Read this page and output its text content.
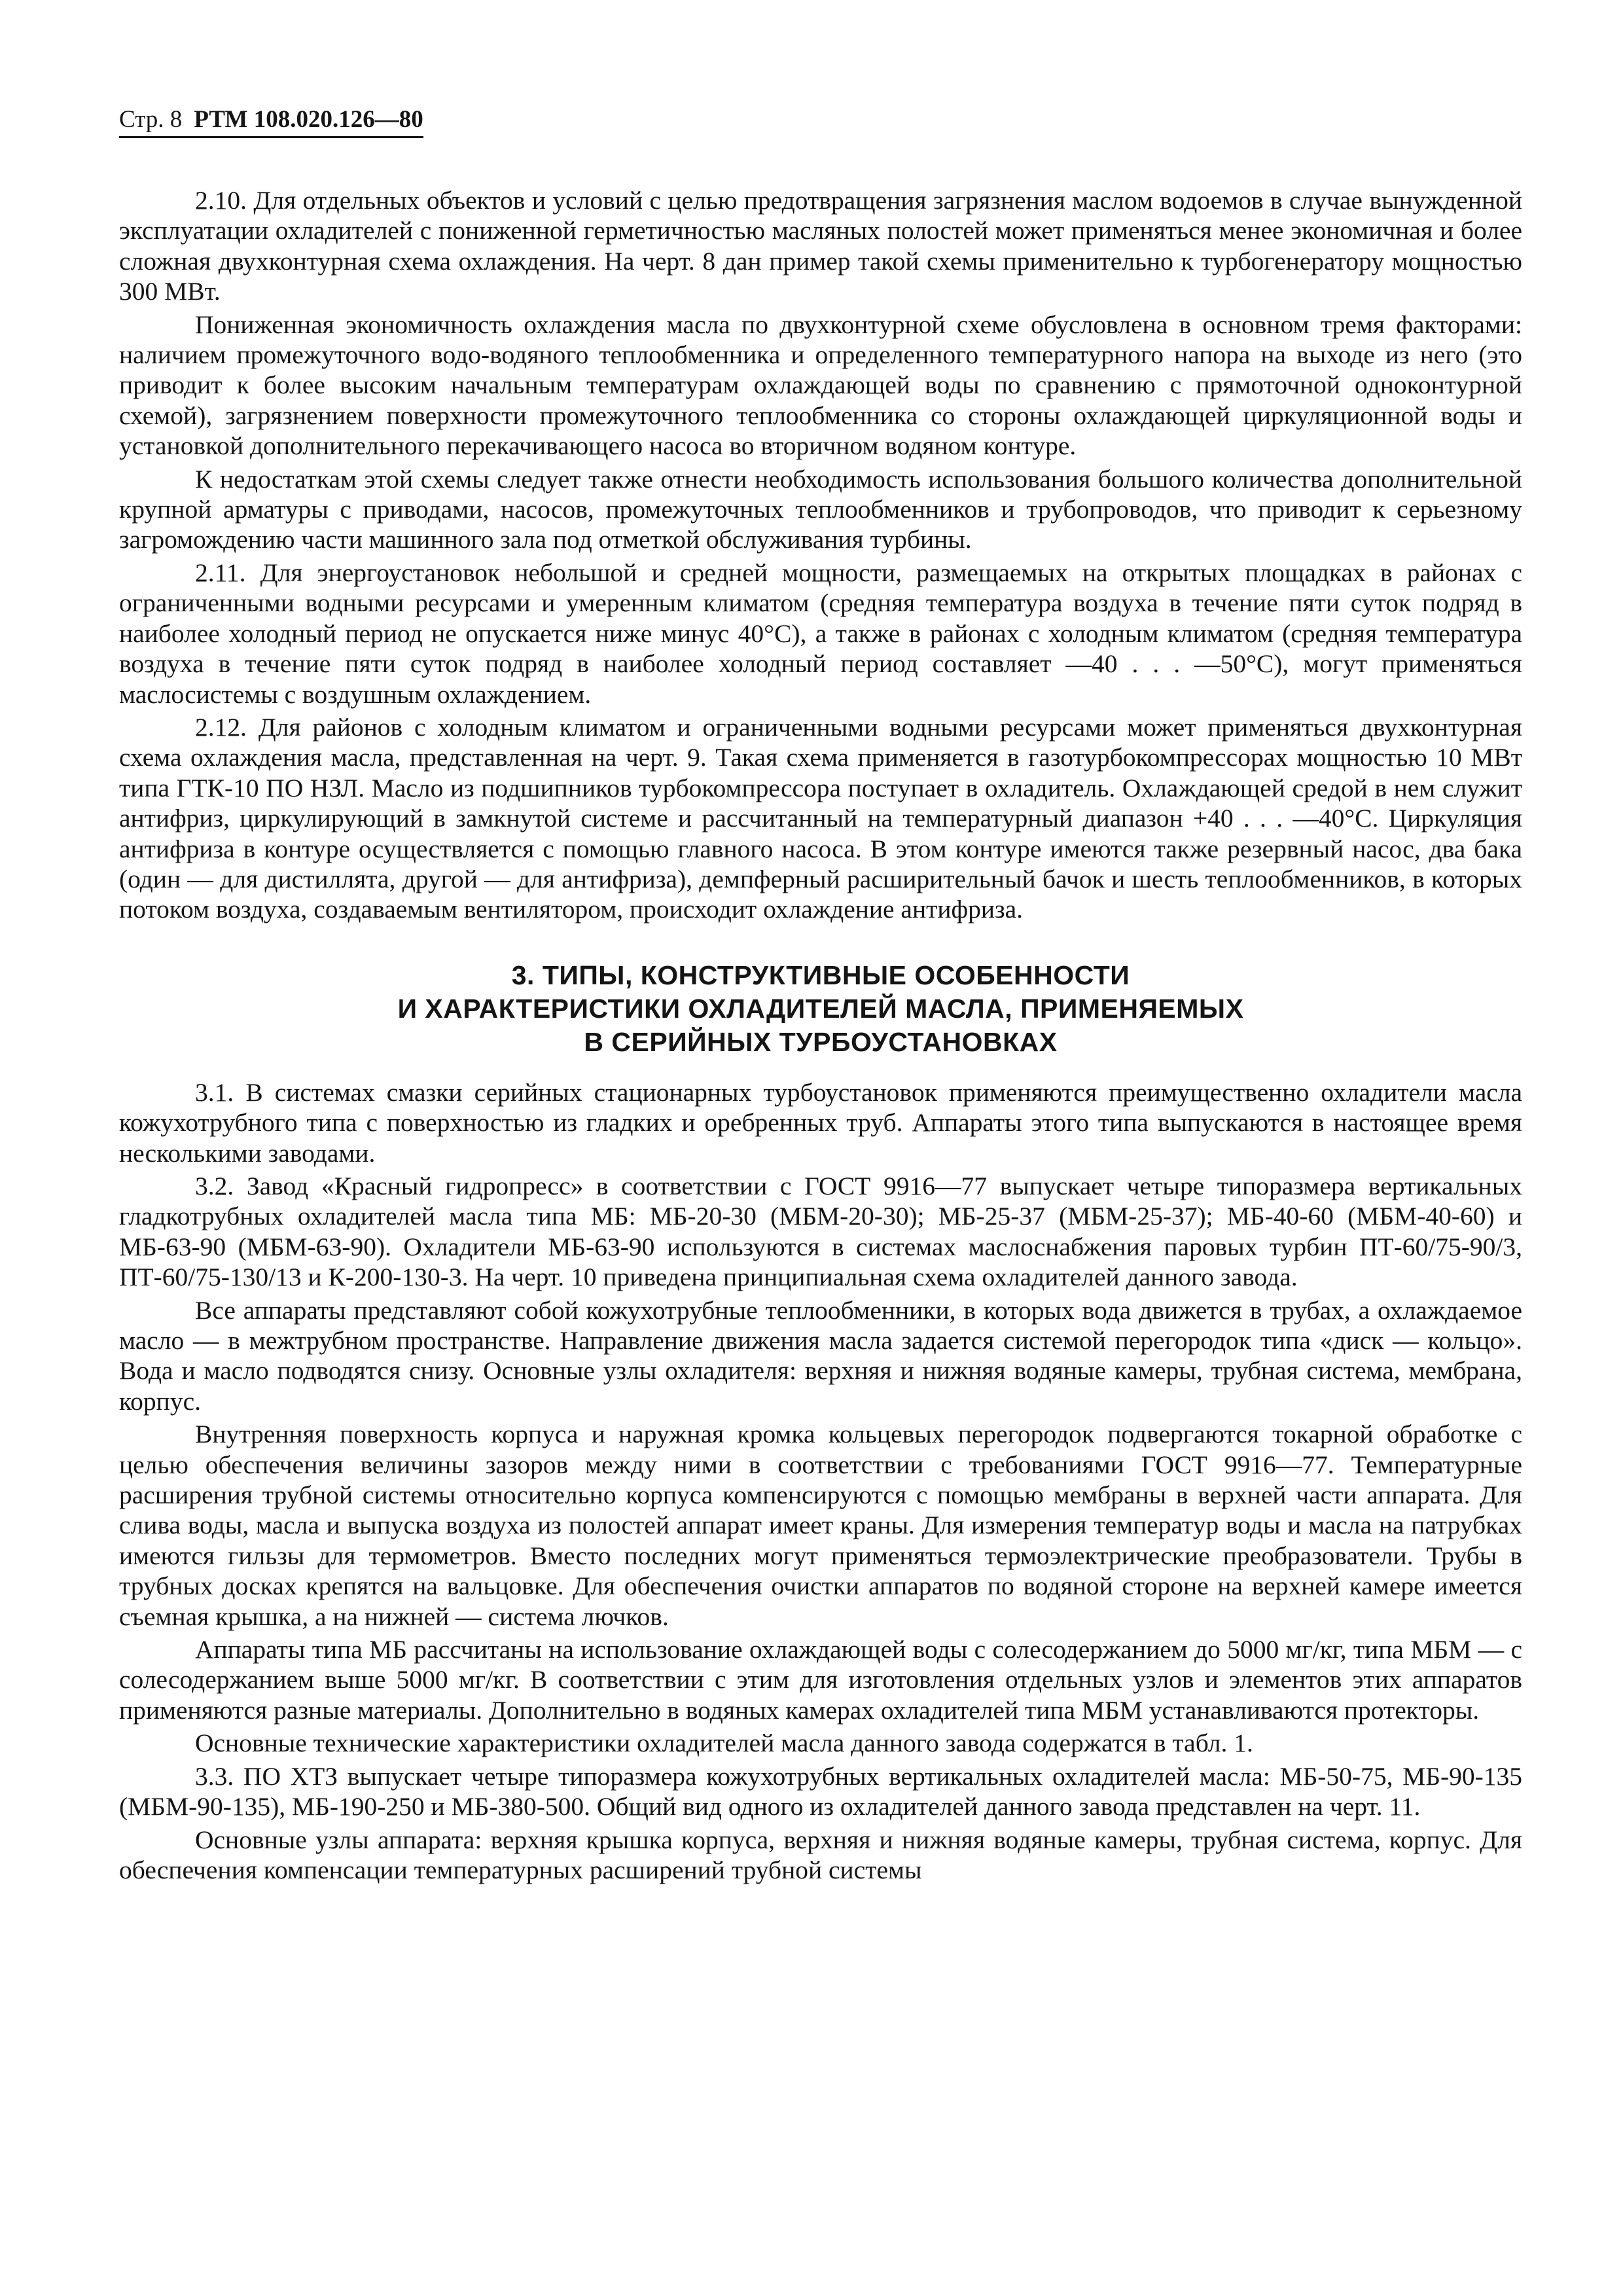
Стр. 8 РТМ 108.020.126—80

2.10. Для отдельных объектов и условий с целью предотвращения загрязнения маслом водоемов в случае вынужденной эксплуатации охладителей с пониженной герметичностью масляных полостей может применяться менее экономичная и более сложная двухконтурная схема охлаждения. На черт. 8 дан пример такой схемы применительно к турбогенератору мощностью 300 МВт.

Пониженная экономичность охлаждения масла по двухконтурной схеме обусловлена в основном тремя факторами: наличием промежуточного водо-водяного теплообменника и определенного температурного напора на выходе из него (это приводит к более высоким начальным температурам охлаждающей воды по сравнению с прямоточной одноконтурной схемой), загрязнением поверхности промежуточного теплообменника со стороны охлаждающей циркуляционной воды и установкой дополнительного перекачивающего насоса во вторичном водяном контуре.

К недостаткам этой схемы следует также отнести необходимость использования большого количества дополнительной крупной арматуры с приводами, насосов, промежуточных теплообменников и трубопроводов, что приводит к серьезному загромождению части машинного зала под отметкой обслуживания турбины.

2.11. Для энергоустановок небольшой и средней мощности, размещаемых на открытых площадках в районах с ограниченными водными ресурсами и умеренным климатом (средняя температура воздуха в течение пяти суток подряд в наиболее холодный период не опускается ниже минус 40°С), а также в районах с холодным климатом (средняя температура воздуха в течение пяти суток подряд в наиболее холодный период составляет —40 . . . —50°С), могут применяться маслосистемы с воздушным охлаждением.

2.12. Для районов с холодным климатом и ограниченными водными ресурсами может применяться двухконтурная схема охлаждения масла, представленная на черт. 9. Такая схема применяется в газотурбокомпрессорах мощностью 10 МВт типа ГТК-10 ПО НЗЛ. Масло из подшипников турбокомпрессора поступает в охладитель. Охлаждающей средой в нем служит антифриз, циркулирующий в замкнутой системе и рассчитанный на температурный диапазон +40 . . . —40°С. Циркуляция антифриза в контуре осуществляется с помощью главного насоса. В этом контуре имеются также резервный насос, два бака (один — для дистиллята, другой — для антифриза), демпферный расширительный бачок и шесть теплообменников, в которых потоком воздуха, создаваемым вентилятором, происходит охлаждение антифриза.

3. ТИПЫ, КОНСТРУКТИВНЫЕ ОСОБЕННОСТИ
И ХАРАКТЕРИСТИКИ ОХЛАДИТЕЛЕЙ МАСЛА, ПРИМЕНЯЕМЫХ
В СЕРИЙНЫХ ТУРБОУСТАНОВКАХ

3.1. В системах смазки серийных стационарных турбоустановок применяются преимущественно охладители масла кожухотрубного типа с поверхностью из гладких и оребренных труб. Аппараты этого типа выпускаются в настоящее время несколькими заводами.

3.2. Завод «Красный гидропресс» в соответствии с ГОСТ 9916—77 выпускает четыре типоразмера вертикальных гладкотрубных охладителей масла типа МБ: МБ-20-30 (МБМ-20-30); МБ-25-37 (МБМ-25-37); МБ-40-60 (МБМ-40-60) и МБ-63-90 (МБМ-63-90). Охладители МБ-63-90 используются в системах маслоснабжения паровых турбин ПТ-60/75-90/3, ПТ-60/75-130/13 и К-200-130-3. На черт. 10 приведена принципиальная схема охладителей данного завода.

Все аппараты представляют собой кожухотрубные теплообменники, в которых вода движется в трубах, а охлаждаемое масло — в межтрубном пространстве. Направление движения масла задается системой перегородок типа «диск — кольцо». Вода и масло подводятся снизу. Основные узлы охладителя: верхняя и нижняя водяные камеры, трубная система, мембрана, корпус.

Внутренняя поверхность корпуса и наружная кромка кольцевых перегородок подвергаются токарной обработке с целью обеспечения величины зазоров между ними в соответствии с требованиями ГОСТ 9916—77. Температурные расширения трубной системы относительно корпуса компенсируются с помощью мембраны в верхней части аппарата. Для слива воды, масла и выпуска воздуха из полостей аппарат имеет краны. Для измерения температур воды и масла на патрубках имеются гильзы для термометров. Вместо последних могут применяться термоэлектрические преобразователи. Трубы в трубных досках крепятся на вальцовке. Для обеспечения очистки аппаратов по водяной стороне на верхней камере имеется съемная крышка, а на нижней — система лючков.

Аппараты типа МБ рассчитаны на использование охлаждающей воды с солесодержанием до 5000 мг/кг, типа МБМ — с солесодержанием выше 5000 мг/кг. В соответствии с этим для изготовления отдельных узлов и элементов этих аппаратов применяются разные материалы. Дополнительно в водяных камерах охладителей типа МБМ устанавливаются протекторы.

Основные технические характеристики охладителей масла данного завода содержатся в табл. 1.

3.3. ПО ХТЗ выпускает четыре типоразмера кожухотрубных вертикальных охладителей масла: МБ-50-75, МБ-90-135 (МБМ-90-135), МБ-190-250 и МБ-380-500. Общий вид одного из охладителей данного завода представлен на черт. 11.

Основные узлы аппарата: верхняя крышка корпуса, верхняя и нижняя водяные камеры, трубная система, корпус. Для обеспечения компенсации температурных расширений трубной системы
